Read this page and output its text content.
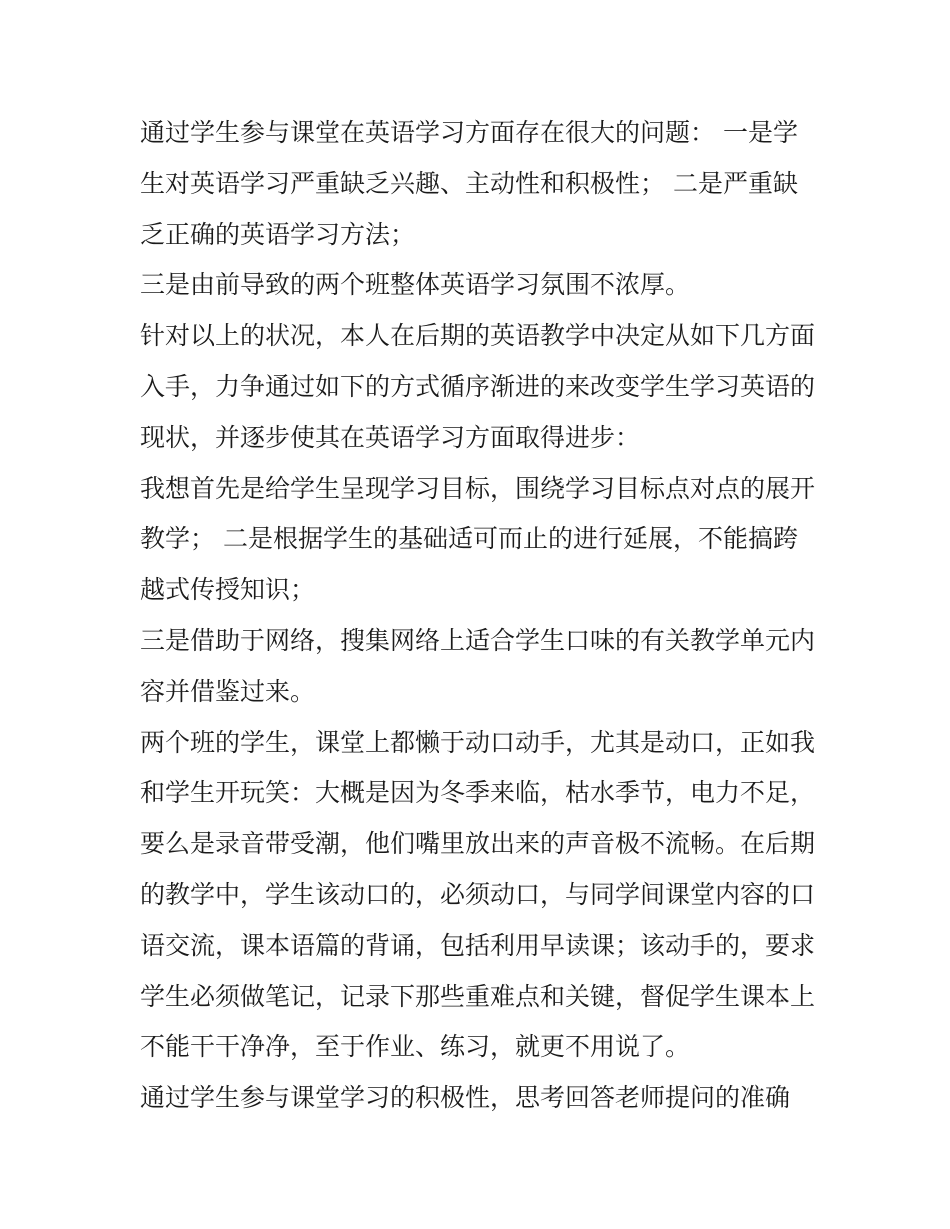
通过学生参与课堂在英语学习方面存在很大的问题： 一是学
生对英语学习严重缺乏兴趣、主动性和积极性； 二是严重缺
乏正确的英语学习方法；
三是由前导致的两个班整体英语学习氛围不浓厚。
针对以上的状况，本人在后期的英语教学中决定从如下几方面
入手，力争通过如下的方式循序渐进的来改变学生学习英语的
现状，并逐步使其在英语学习方面取得进步：
我想首先是给学生呈现学习目标，围绕学习目标点对点的展开
教学； 二是根据学生的基础适可而止的进行延展，不能搞跨
越式传授知识；
三是借助于网络，搜集网络上适合学生口味的有关教学单元内
容并借鉴过来。
两个班的学生，课堂上都懒于动口动手，尤其是动口，正如我
和学生开玩笑：大概是因为冬季来临，枯水季节，电力不足，
要么是录音带受潮，他们嘴里放出来的声音极不流畅。在后期
的教学中，学生该动口的，必须动口，与同学间课堂内容的口
语交流，课本语篇的背诵，包括利用早读课；该动手的，要求
学生必须做笔记，记录下那些重难点和关键，督促学生课本上
不能干干净净，至于作业、练习，就更不用说了。
通过学生参与课堂学习的积极性，思考回答老师提问的准确
